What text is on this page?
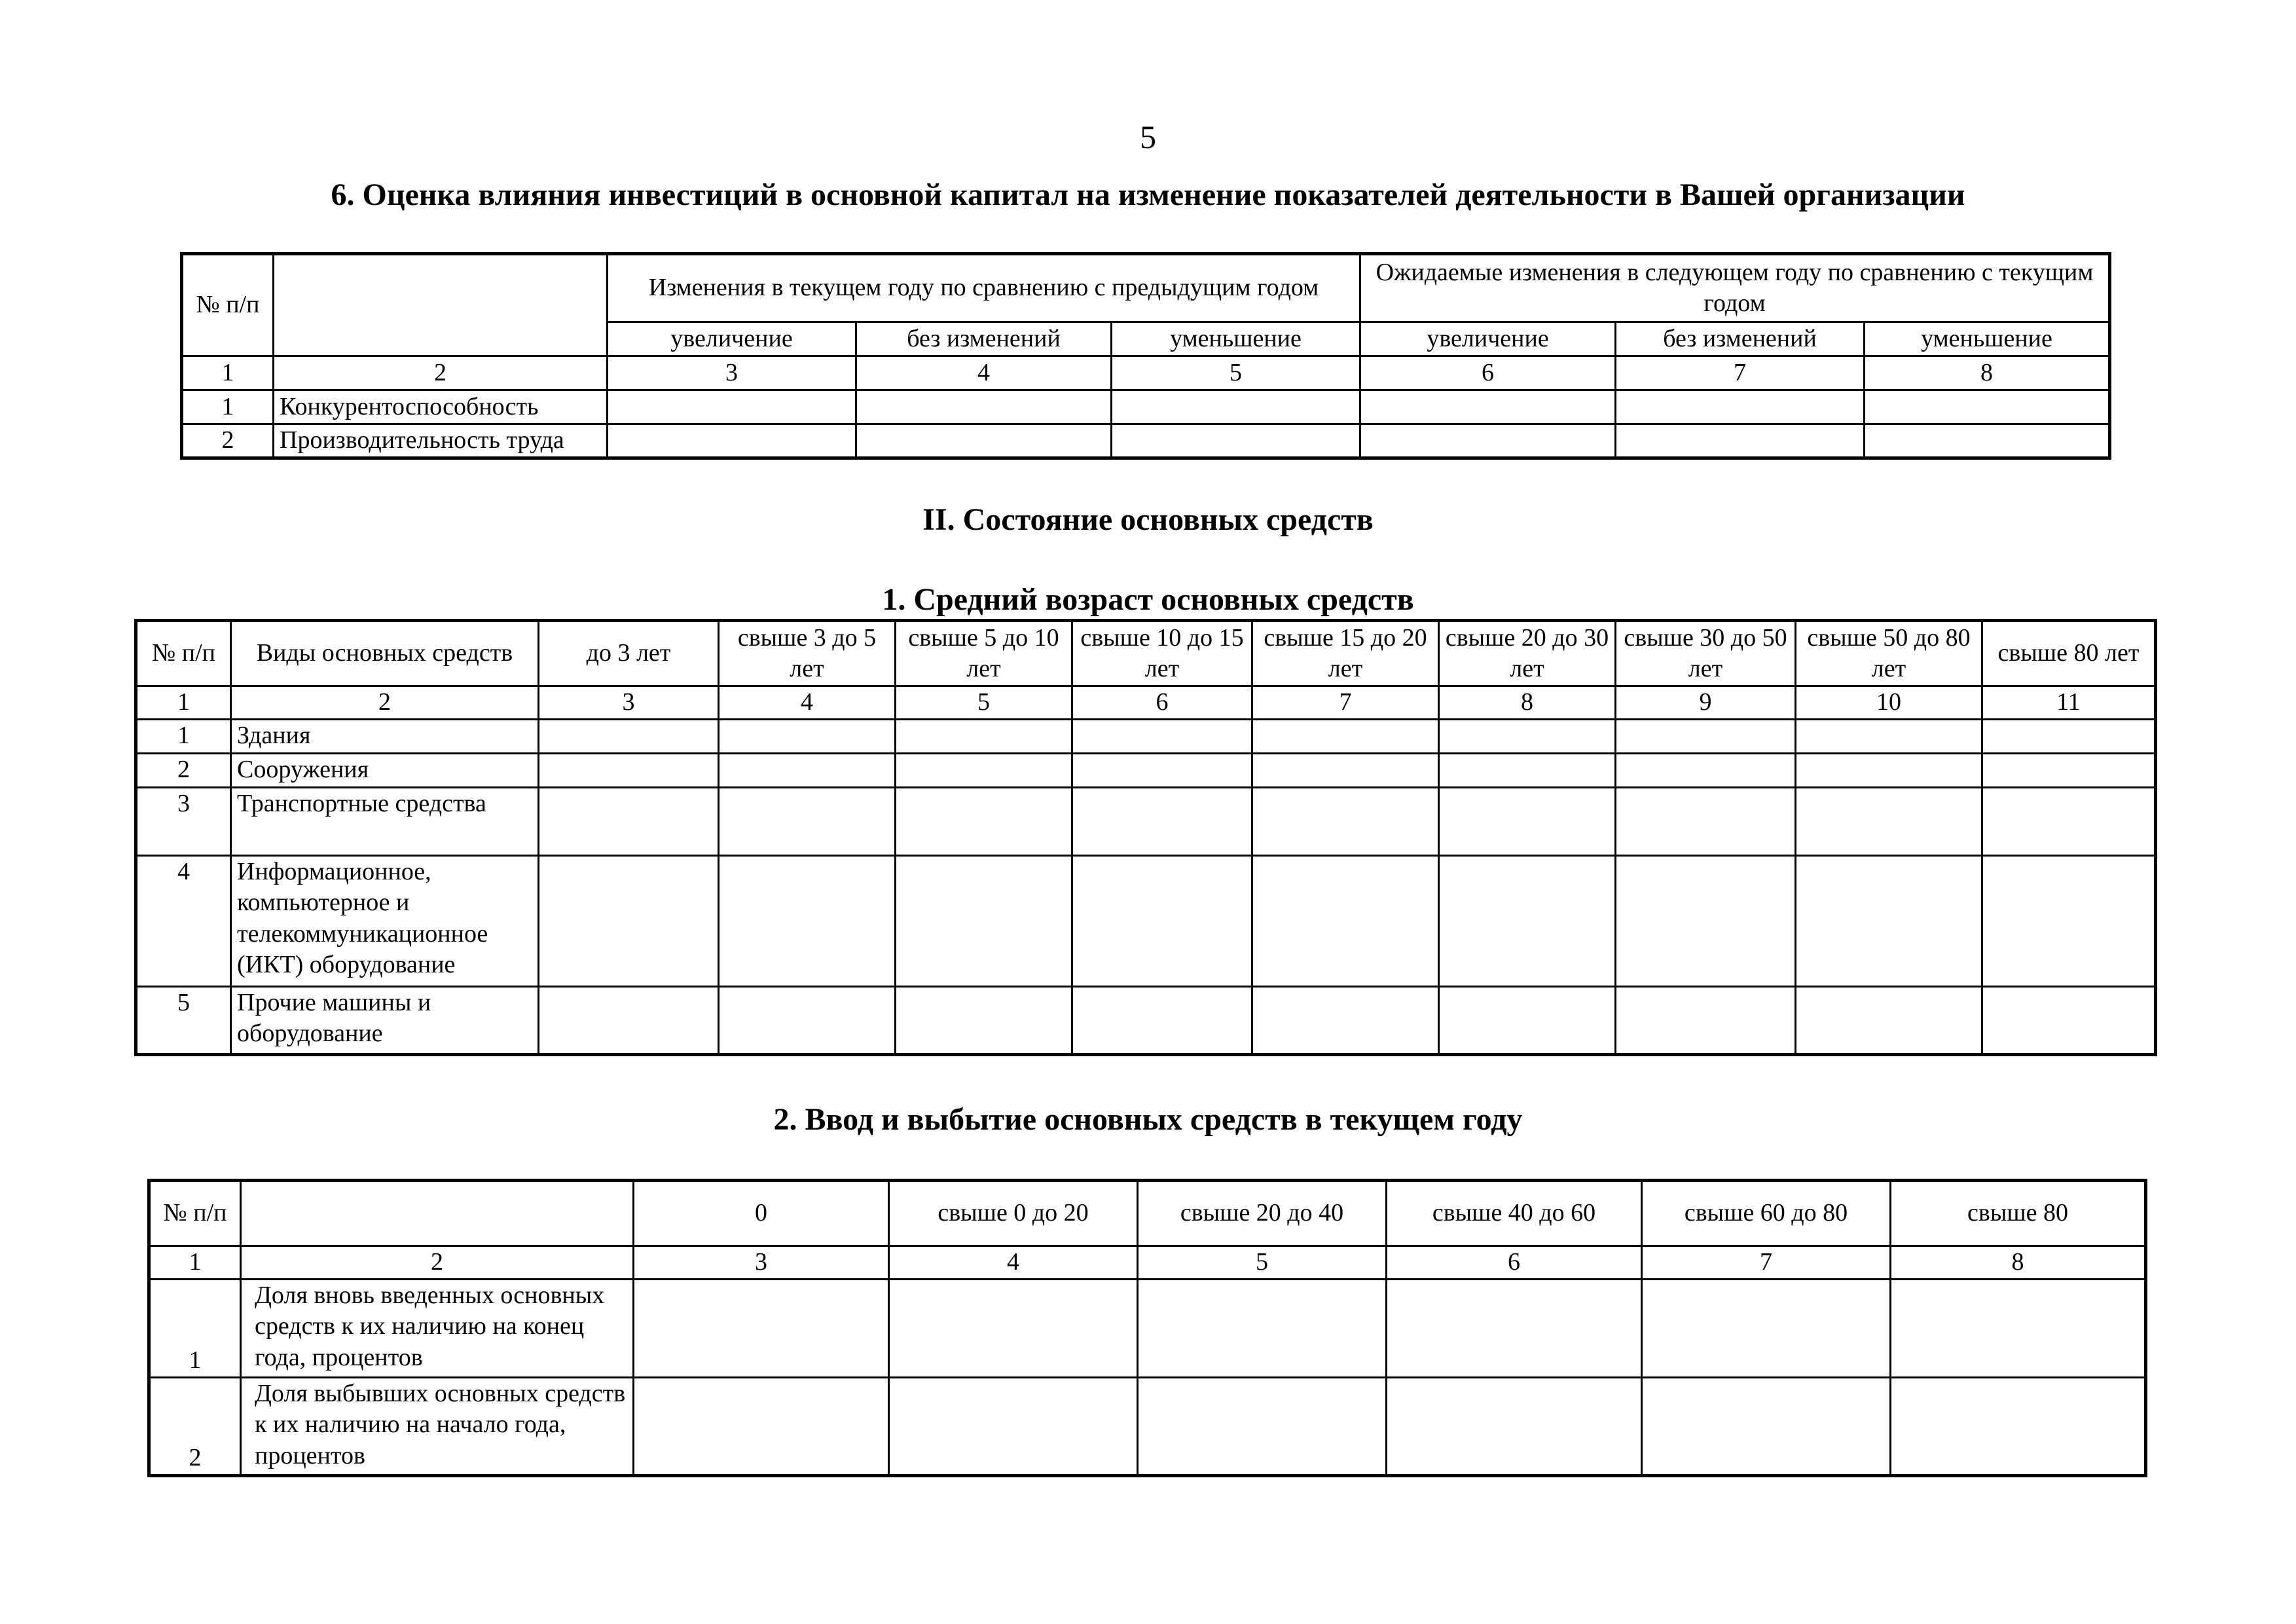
5
6. Оценка влияния инвестиций в основной капитал на изменение показателей деятельности в Вашей организации
№ п/п		Изменения в текущем году по сравнению с предыдущим годом			Ожидаемые изменения в следующем году по сравнению с текущим годом		
		увеличение	без изменений	уменьшение	увеличение	без изменений	уменьшение
1	2	3	4	5	6	7	8
1	Конкурентоспособность						
2	Производительность труда						
II. Состояние основных средств
1. Средний возраст основных средств
№ п/п	Виды основных средств	до 3 лет	свыше 3 до 5 лет	свыше 5 до 10 лет	свыше 10 до 15 лет	свыше 15 до 20 лет	свыше 20 до 30 лет	свыше 30 до 50 лет	свыше 50 до 80 лет	свыше 80 лет
1	2	3	4	5	6	7	8	9	10	11
1	Здания									
2	Сооружения									
3	Транспортные средства									
4	Информационное, компьютерное и телекоммуникационное (ИКТ) оборудование									
5	Прочие машины и оборудование									
2. Ввод и выбытие основных средств в текущем году
№ п/п		0	свыше 0 до 20	свыше 20 до 40	свыше 40 до 60	свыше 60 до 80	свыше 80
1	2	3	4	5	6	7	8
1	Доля вновь введенных основных средств к их наличию на конец года, процентов						
2	Доля выбывших основных средств к их наличию на начало года, процентов						
